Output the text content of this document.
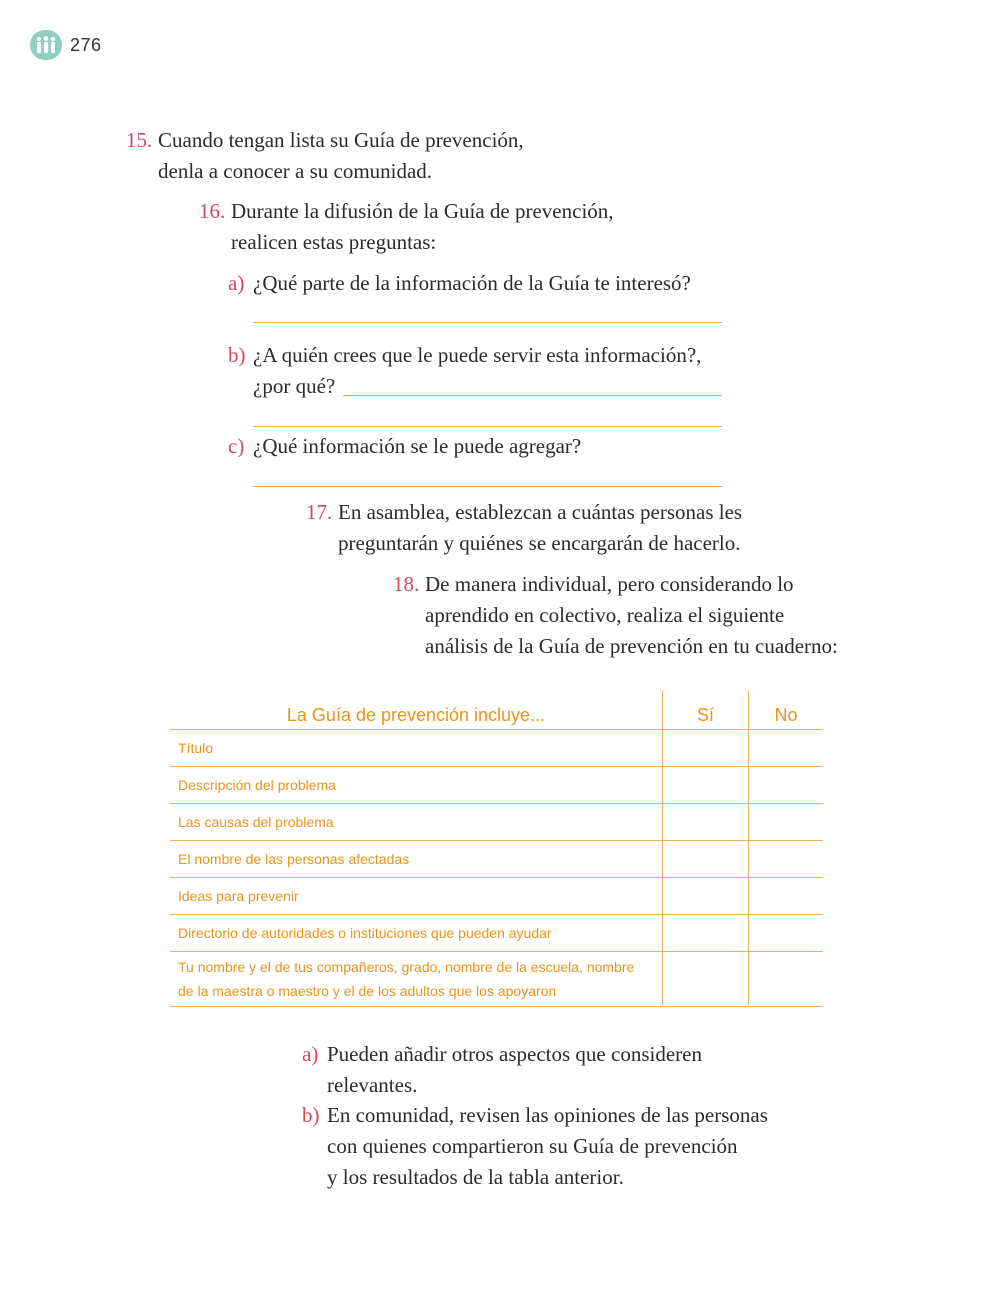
276
15. Cuando tengan lista su Guía de prevención,
denla a conocer a su comunidad.
16. Durante la difusión de la Guía de prevención,
realicen estas preguntas:
a) ¿Qué parte de la información de la Guía te interesó?
b) ¿A quién crees que le puede servir esta información?,
¿por qué?
c) ¿Qué información se le puede agregar?
17. En asamblea, establezcan a cuántas personas les
preguntarán y quiénes se encargarán de hacerlo.
18. De manera individual, pero considerando lo
aprendido en colectivo, realiza el siguiente
análisis de la Guía de prevención en tu cuaderno:
La Guía de prevención incluye...	Sí	No
Título		
Descripción del problema		
Las causas del problema		
El nombre de las personas afectadas		
Ideas para prevenir		
Directorio de autoridades o instituciones que pueden ayudar		
Tu nombre y el de tus compañeros, grado, nombre de la escuela, nombre
de la maestra o maestro y el de los adultos que los apoyaron		
a) Pueden añadir otros aspectos que consideren
relevantes.
b) En comunidad, revisen las opiniones de las personas
con quienes compartieron su Guía de prevención
y los resultados de la tabla anterior.
